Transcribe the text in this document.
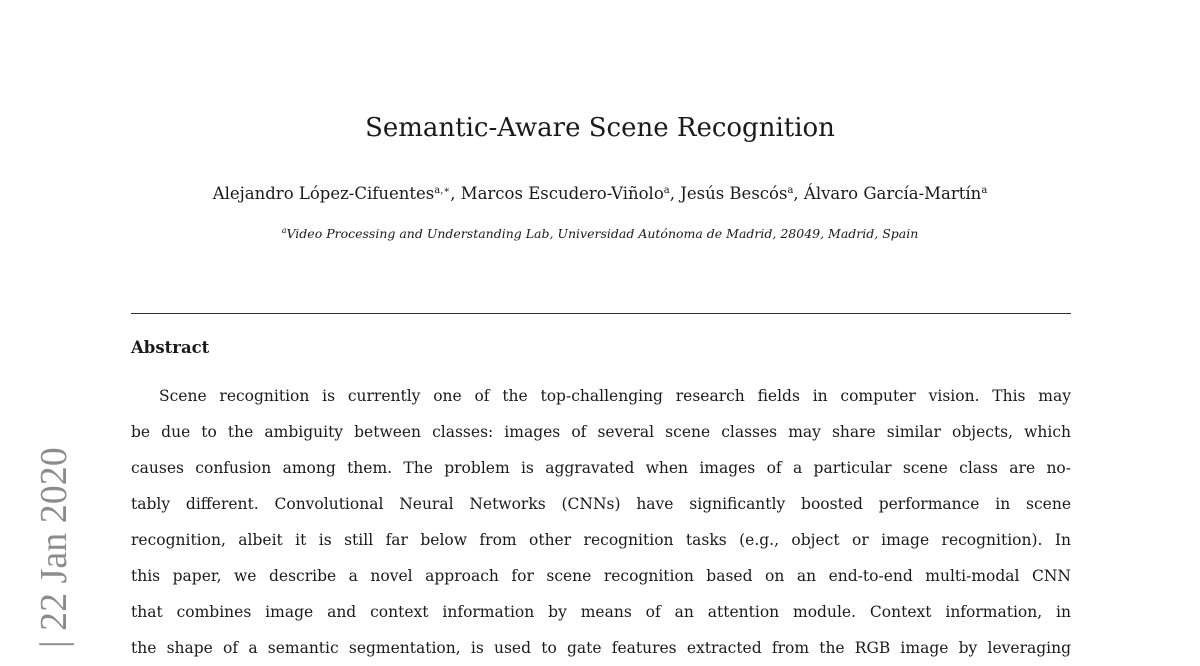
Semantic-Aware Scene Recognition
Alejandro López-Cifuentes$^{a,∗}$, Marcos Escudero-Viñolo$^a$, Jesús Bescós$^a$, Álvaro García-Martín$^a$
$^a$Video Processing and Understanding Lab, Universidad Autónoma de Madrid, 28049, Madrid, Spain
Abstract
Scene recognition is currently one of the top-challenging research fields in computer vision. This may
be due to the ambiguity between classes: images of several scene classes may share similar objects, which
causes confusion among them. The problem is aggravated when images of a particular scene class are no-
tably different. Convolutional Neural Networks (CNNs) have significantly boosted performance in scene
recognition, albeit it is still far below from other recognition tasks (e.g., object or image recognition). In
this paper, we describe a novel approach for scene recognition based on an end-to-end multi-modal CNN
that combines image and context information by means of an attention module. Context information, in
the shape of a semantic segmentation, is used to gate features extracted from the RGB image by leveraging
| 22 Jan 2020
